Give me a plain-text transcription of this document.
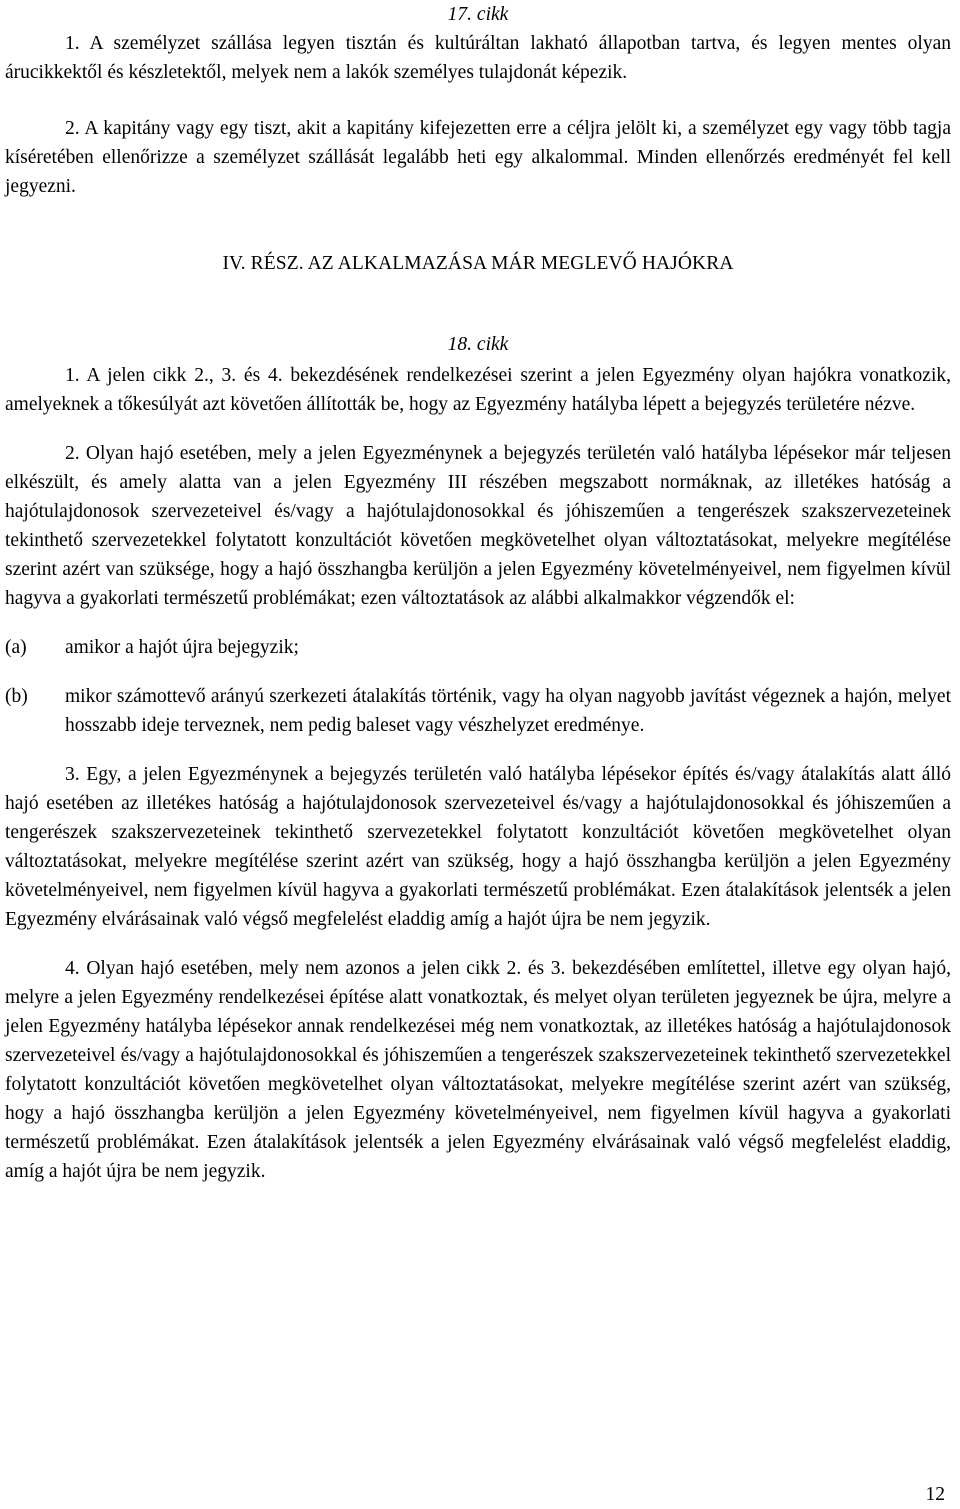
17. cikk

1. A személyzet szállása legyen tisztán és kultúráltan lakható állapotban tartva, és legyen mentes olyan árucikkektől és készletektől, melyek nem a lakók személyes tulajdonát képezik.

2. A kapitány vagy egy tiszt, akit a kapitány kifejezetten erre a céljra jelölt ki, a személyzet egy vagy több tagja kíséretében ellenőrizze a személyzet szállását legalább heti egy alkalommal. Minden ellenőrzés eredményét fel kell jegyezni.

IV. RÉSZ. AZ ALKALMAZÁSA MÁR MEGLEVŐ HAJÓKRA
18. cikk

1. A jelen cikk 2., 3. és 4. bekezdésének rendelkezései szerint a jelen Egyezmény olyan hajókra vonatkozik, amelyeknek a tőkesúlyát azt követően állították be, hogy az Egyezmény hatályba lépett a bejegyzés területére nézve.

2. Olyan hajó esetében, mely a jelen Egyezménynek a bejegyzés területén való hatályba lépésekor már teljesen elkészült, és amely alatta van a jelen Egyezmény III részében megszabott normáknak, az illetékes hatóság a hajótulajdonosok szervezeteivel és/vagy a hajótulajdonosokkal és jóhiszeműen a tengerészek szakszervezeteinek tekinthető szervezetekkel folytatott konzultációt követően megkövetelhet olyan változtatásokat, melyekre megítélése szerint azért van szüksége, hogy a hajó összhangba kerüljön a jelen Egyezmény követelményeivel, nem figyelmen kívül hagyva a gyakorlati természetű problémákat; ezen változtatások az alábbi alkalmakkor végzendők el:

(a)	amikor a hajót újra bejegyzik;
(b)	mikor számottevő arányú szerkezeti átalakítás történik, vagy ha olyan nagyobb javítást végeznek a hajón, melyet hosszabb ideje terveznek, nem pedig baleset vagy vészhelyzet eredménye.

3. Egy, a jelen Egyezménynek a bejegyzés területén való hatályba lépésekor építés és/vagy átalakítás alatt álló hajó esetében az illetékes hatóság a hajótulajdonosok szervezeteivel és/vagy a hajótulajdonosokkal és jóhiszeműen a tengerészek szakszervezeteinek tekinthető szervezetekkel folytatott konzultációt követően megkövetelhet olyan változtatásokat, melyekre megítélése szerint azért van szükség, hogy a hajó összhangba kerüljön a jelen Egyezmény követelményeivel, nem figyelmen kívül hagyva a gyakorlati természetű problémákat. Ezen átalakítások jelentsék a jelen Egyezmény elvárásainak való végső megfelelést eladdig amíg a hajót újra be nem jegyzik.

4. Olyan hajó esetében, mely nem azonos a jelen cikk 2. és 3. bekezdésében említettel, illetve egy olyan hajó, melyre a jelen Egyezmény rendelkezései építése alatt vonatkoztak, és melyet olyan területen jegyeznek be újra, melyre a jelen Egyezmény hatályba lépésekor annak rendelkezései még nem vonatkoztak, az illetékes hatóság a hajótulajdonosok szervezeteivel és/vagy a hajótulajdonosokkal és jóhiszeműen a tengerészek szakszervezeteinek tekinthető szervezetekkel folytatott konzultációt követően megkövetelhet olyan változtatásokat, melyekre megítélése szerint azért van szükség, hogy a hajó összhangba kerüljön a jelen Egyezmény követelményeivel, nem figyelmen kívül hagyva a gyakorlati természetű problémákat. Ezen átalakítások jelentsék a jelen Egyezmény elvárásainak való végső megfelelést eladdig, amíg a hajót újra be nem jegyzik.

12
